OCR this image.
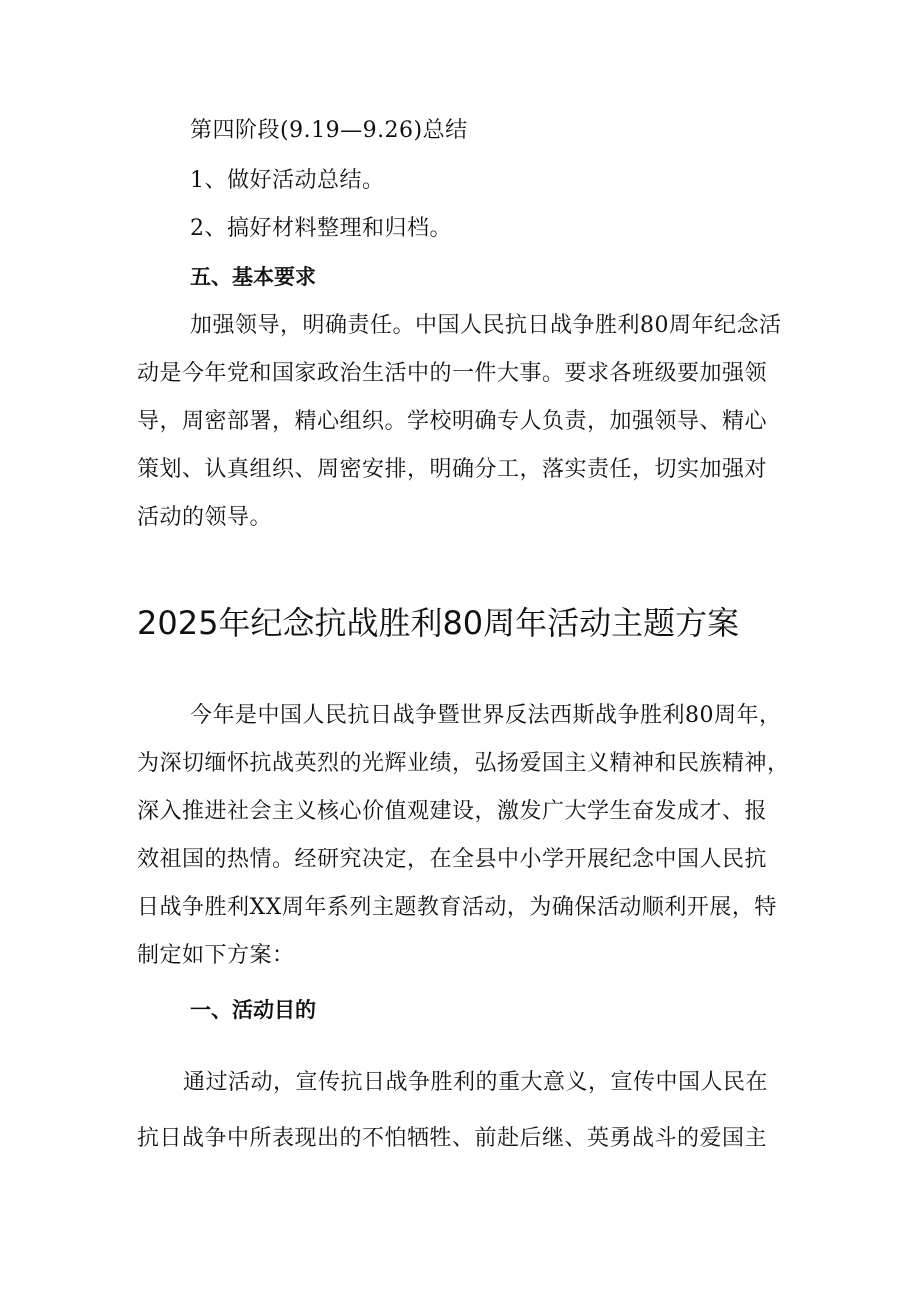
第四阶段(9.19—9.26)总结
1、做好活动总结。
2、搞好材料整理和归档。
五、基本要求
加强领导，明确责任。中国人民抗日战争胜利80周年纪念活
动是今年党和国家政治生活中的一件大事。要求各班级要加强领
导，周密部署，精心组织。学校明确专人负责，加强领导、精心
策划、认真组织、周密安排，明确分工，落实责任，切实加强对
活动的领导。
2025年纪念抗战胜利80周年活动主题方案
今年是中国人民抗日战争暨世界反法西斯战争胜利80周年，
为深切缅怀抗战英烈的光辉业绩，弘扬爱国主义精神和民族精神，
深入推进社会主义核心价值观建设，激发广大学生奋发成才、报
效祖国的热情。经研究决定，在全县中小学开展纪念中国人民抗
日战争胜利XX周年系列主题教育活动，为确保活动顺利开展，特
制定如下方案：
一、活动目的
通过活动，宣传抗日战争胜利的重大意义，宣传中国人民在
抗日战争中所表现出的不怕牺牲、前赴后继、英勇战斗的爱国主
